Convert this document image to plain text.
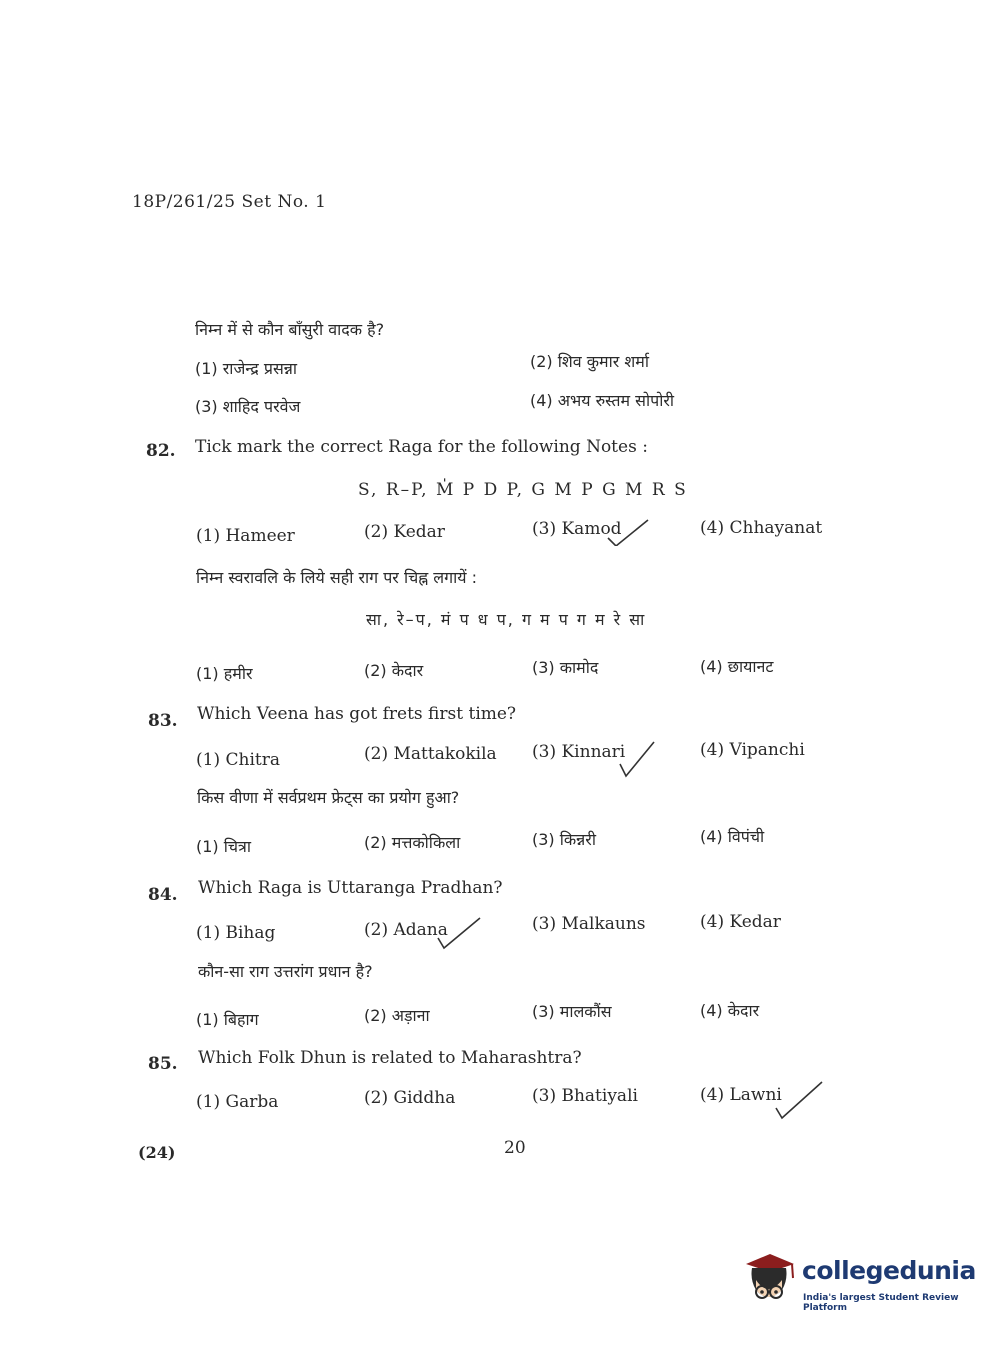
18P/261/25 Set No. 1
निम्न में से कौन बाँसुरी वादक है?
(1) राजेन्द्र प्रसन्ना	(2) शिव कुमार शर्मा
(3) शाहिद परवेज	(4) अभय रुस्तम सोपोरी
82. Tick mark the correct Raga for the following Notes :
S, R–P, M̍ P D P, G M P G M R S
(1) Hameer	(2) Kedar	(3) Kamod	(4) Chhayanat
निम्न स्वरावलि के लिये सही राग पर चिह्न लगायें :
सा, रे–प, मं प ध प, ग म प ग म रे सा
(1) हमीर	(2) केदार	(3) कामोद	(4) छायानट
83. Which Veena has got frets first time?
(1) Chitra	(2) Mattakokila (3) Kinnari	(4) Vipanchi
किस वीणा में सर्वप्रथम फ्रेट्स का प्रयोग हुआ?
(1) चित्रा	(2) मत्तकोकिला	(3) किन्नरी	(4) विपंची
84. Which Raga is Uttaranga Pradhan?
(1) Bihag	(2) Adana	(3) Malkauns	(4) Kedar
कौन-सा राग उत्तरांग प्रधान है?
(1) बिहाग	(2) अड़ाना	(3) मालकौंस	(4) केदार
85. Which Folk Dhun is related to Maharashtra?
(1) Garba	(2) Giddha	(3) Bhatiyali	(4) Lawni
(24)	20
collegedunia
India's largest Student Review Platform
